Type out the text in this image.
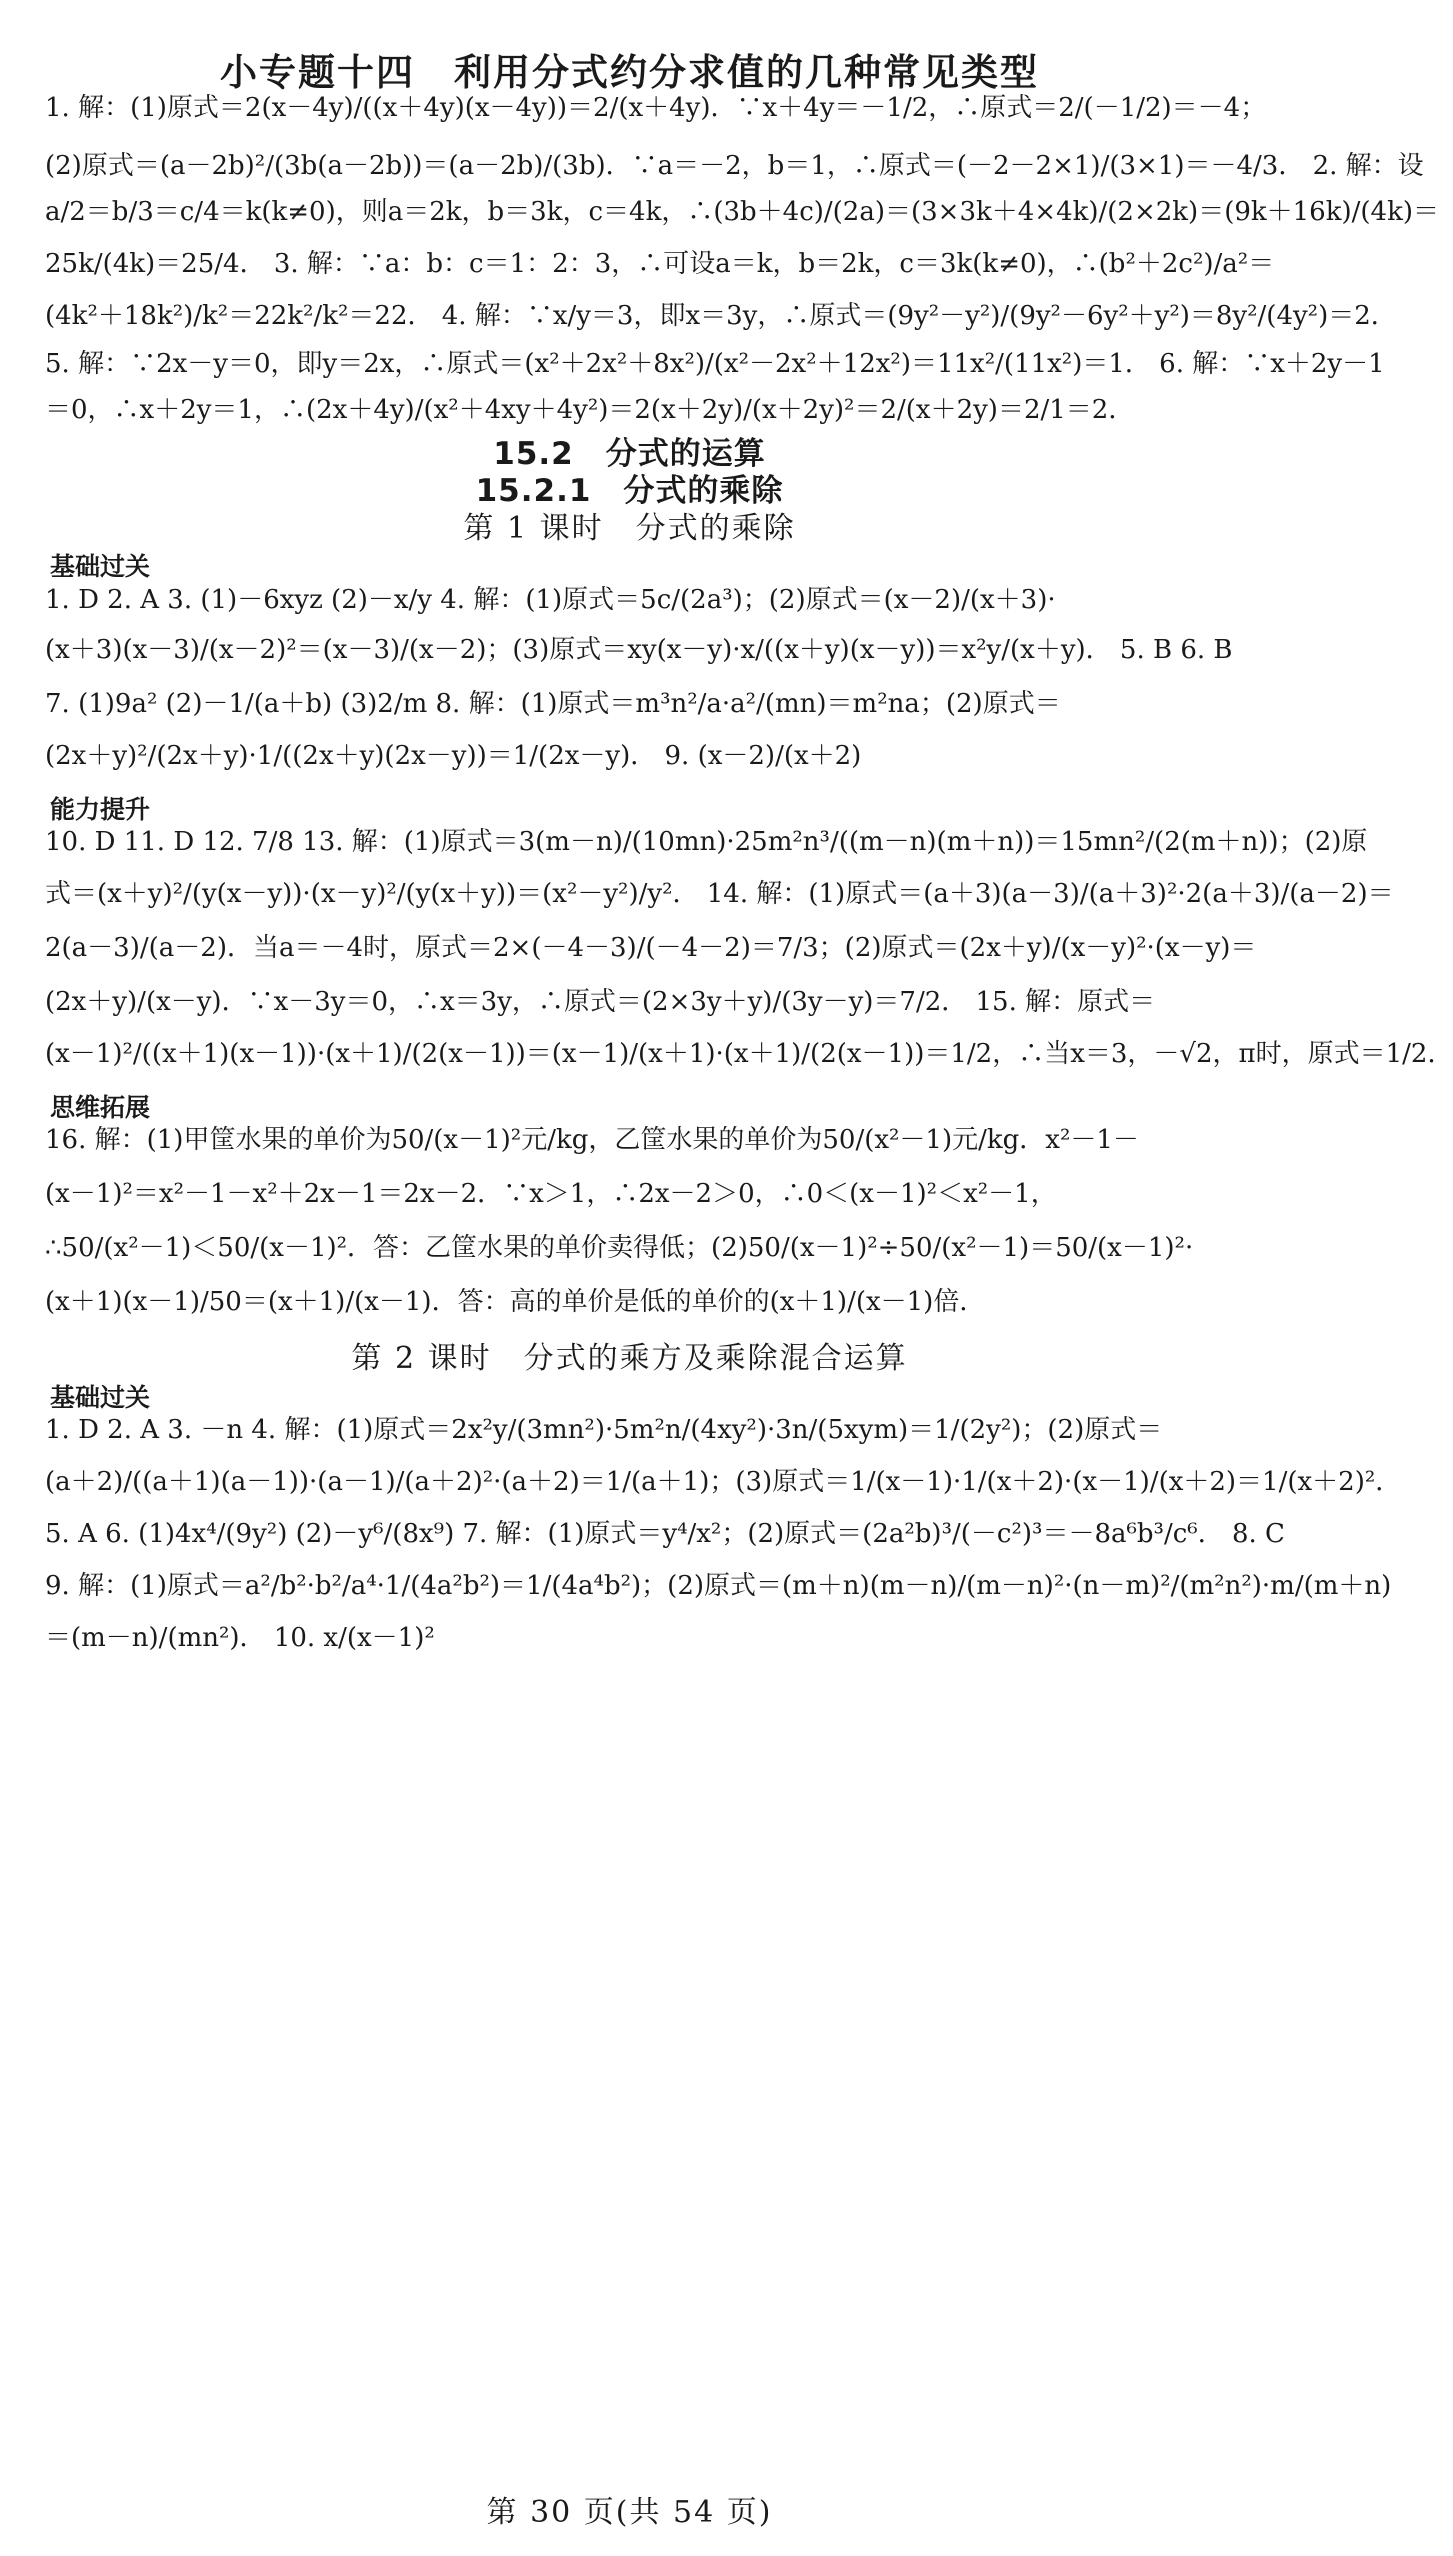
小专题十四　利用分式约分求值的几种常见类型
1. 解：(1)原式＝2(x－4y)/((x＋4y)(x－4y))＝2/(x＋4y)．∵x＋4y＝－1/2，∴原式＝2/(－1/2)＝－4；
(2)原式＝(a－2b)²/(3b(a－2b))＝(a－2b)/(3b)．∵a＝－2，b＝1，∴原式＝(－2－2×1)/(3×1)＝－4/3． 2. 解：设
a/2＝b/3＝c/4＝k(k≠0)，则a＝2k，b＝3k，c＝4k，∴(3b＋4c)/(2a)＝(3×3k＋4×4k)/(2×2k)＝(9k＋16k)/(4k)＝
25k/(4k)＝25/4． 3. 解：∵a：b：c＝1：2：3，∴可设a＝k，b＝2k，c＝3k(k≠0)，∴(b²＋2c²)/a²＝
(4k²＋18k²)/k²＝22k²/k²＝22． 4. 解：∵x/y＝3，即x＝3y，∴原式＝(9y²－y²)/(9y²－6y²＋y²)＝8y²/(4y²)＝2．
5. 解：∵2x－y＝0，即y＝2x，∴原式＝(x²＋2x²＋8x²)/(x²－2x²＋12x²)＝11x²/(11x²)＝1． 6. 解：∵x＋2y－1
＝0，∴x＋2y＝1，∴(2x＋4y)/(x²＋4xy＋4y²)＝2(x＋2y)/(x＋2y)²＝2/(x＋2y)＝2/1＝2．
15.2　分式的运算
15.2.1　分式的乘除
第 1 课时　分式的乘除
基础过关
1. D 2. A 3. (1)－6xyz (2)－x/y 4. 解：(1)原式＝5c/(2a³)；(2)原式＝(x－2)/(x＋3)·
(x＋3)(x－3)/(x－2)²＝(x－3)/(x－2)；(3)原式＝xy(x－y)·x/((x＋y)(x－y))＝x²y/(x＋y)． 5. B 6. B
7. (1)9a² (2)－1/(a＋b) (3)2/m 8. 解：(1)原式＝m³n²/a·a²/(mn)＝m²na；(2)原式＝
(2x＋y)²/(2x＋y)·1/((2x＋y)(2x－y))＝1/(2x－y)． 9. (x－2)/(x＋2)
能力提升
10. D 11. D 12. 7/8 13. 解：(1)原式＝3(m－n)/(10mn)·25m²n³/((m－n)(m＋n))＝15mn²/(2(m＋n))；(2)原
式＝(x＋y)²/(y(x－y))·(x－y)²/(y(x＋y))＝(x²－y²)/y²． 14. 解：(1)原式＝(a＋3)(a－3)/(a＋3)²·2(a＋3)/(a－2)＝
2(a－3)/(a－2)．当a＝－4时，原式＝2×(－4－3)/(－4－2)＝7/3；(2)原式＝(2x＋y)/(x－y)²·(x－y)＝
(2x＋y)/(x－y)．∵x－3y＝0，∴x＝3y，∴原式＝(2×3y＋y)/(3y－y)＝7/2． 15. 解：原式＝
(x－1)²/((x＋1)(x－1))·(x＋1)/(2(x－1))＝(x－1)/(x＋1)·(x＋1)/(2(x－1))＝1/2，∴当x＝3，－√2，π时，原式＝1/2．
思维拓展
16. 解：(1)甲筐水果的单价为50/(x－1)²元/kg，乙筐水果的单价为50/(x²－1)元/kg．x²－1－
(x－1)²＝x²－1－x²＋2x－1＝2x－2．∵x＞1，∴2x－2＞0，∴0＜(x－1)²＜x²－1，
∴50/(x²－1)＜50/(x－1)²．答：乙筐水果的单价卖得低；(2)50/(x－1)²÷50/(x²－1)＝50/(x－1)²·
(x＋1)(x－1)/50＝(x＋1)/(x－1)．答：高的单价是低的单价的(x＋1)/(x－1)倍．
第 2 课时　分式的乘方及乘除混合运算
基础过关
1. D 2. A 3. －n 4. 解：(1)原式＝2x²y/(3mn²)·5m²n/(4xy²)·3n/(5xym)＝1/(2y²)；(2)原式＝
(a＋2)/((a＋1)(a－1))·(a－1)/(a＋2)²·(a＋2)＝1/(a＋1)；(3)原式＝1/(x－1)·1/(x＋2)·(x－1)/(x＋2)＝1/(x＋2)²．
5. A 6. (1)4x⁴/(9y²) (2)－y⁶/(8x⁹) 7. 解：(1)原式＝y⁴/x²；(2)原式＝(2a²b)³/(－c²)³＝－8a⁶b³/c⁶． 8. C
9. 解：(1)原式＝a²/b²·b²/a⁴·1/(4a²b²)＝1/(4a⁴b²)；(2)原式＝(m＋n)(m－n)/(m－n)²·(n－m)²/(m²n²)·m/(m＋n)
＝(m－n)/(mn²)． 10. x/(x－1)²
第 30 页(共 54 页)
